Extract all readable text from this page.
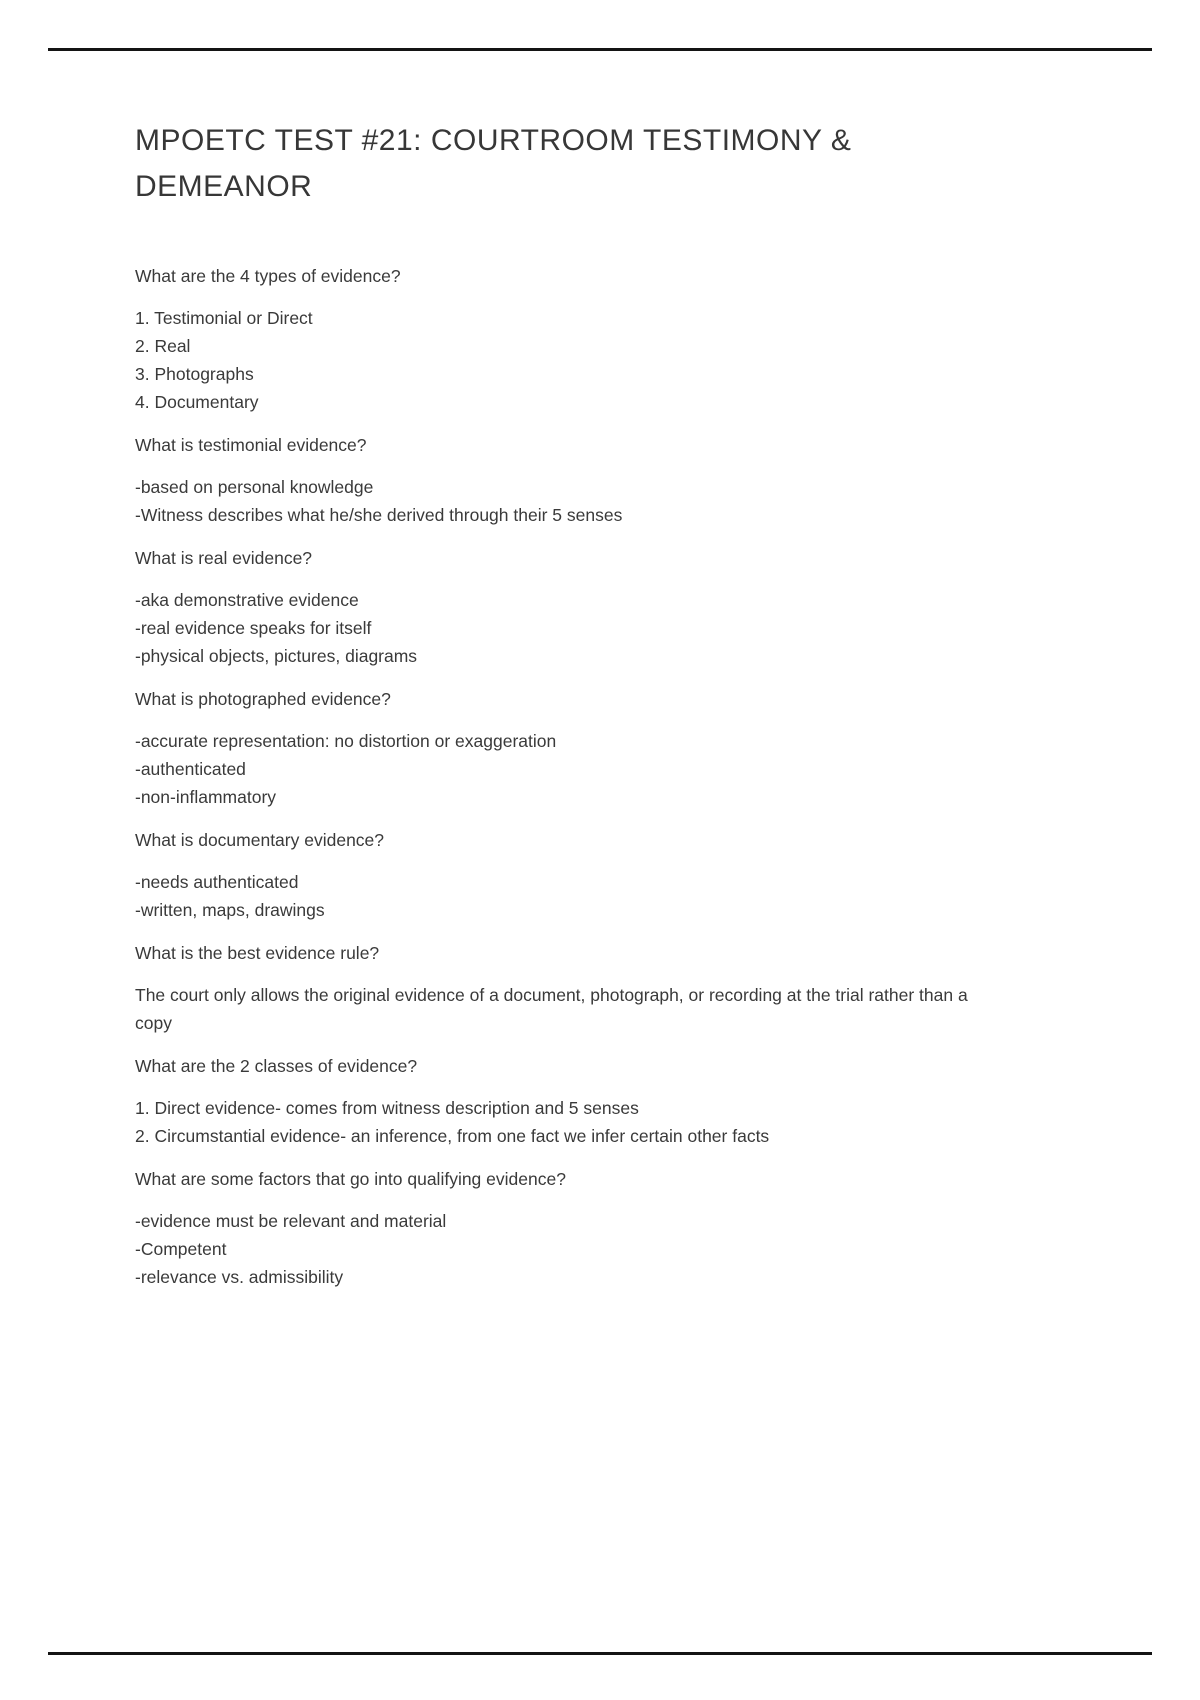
MPOETC TEST #21: COURTROOM TESTIMONY & DEMEANOR

What are the 4 types of evidence?

1. Testimonial or Direct
2. Real
3. Photographs
4. Documentary

What is testimonial evidence?

-based on personal knowledge
-Witness describes what he/she derived through their 5 senses

What is real evidence?

-aka demonstrative evidence
-real evidence speaks for itself
-physical objects, pictures, diagrams

What is photographed evidence?

-accurate representation: no distortion or exaggeration
-authenticated
-non-inflammatory

What is documentary evidence?

-needs authenticated
-written, maps, drawings

What is the best evidence rule?

The court only allows the original evidence of a document, photograph, or recording at the trial rather than a copy

What are the 2 classes of evidence?

1. Direct evidence- comes from witness description and 5 senses
2. Circumstantial evidence- an inference, from one fact we infer certain other facts

What are some factors that go into qualifying evidence?

-evidence must be relevant and material
-Competent
-relevance vs. admissibility
